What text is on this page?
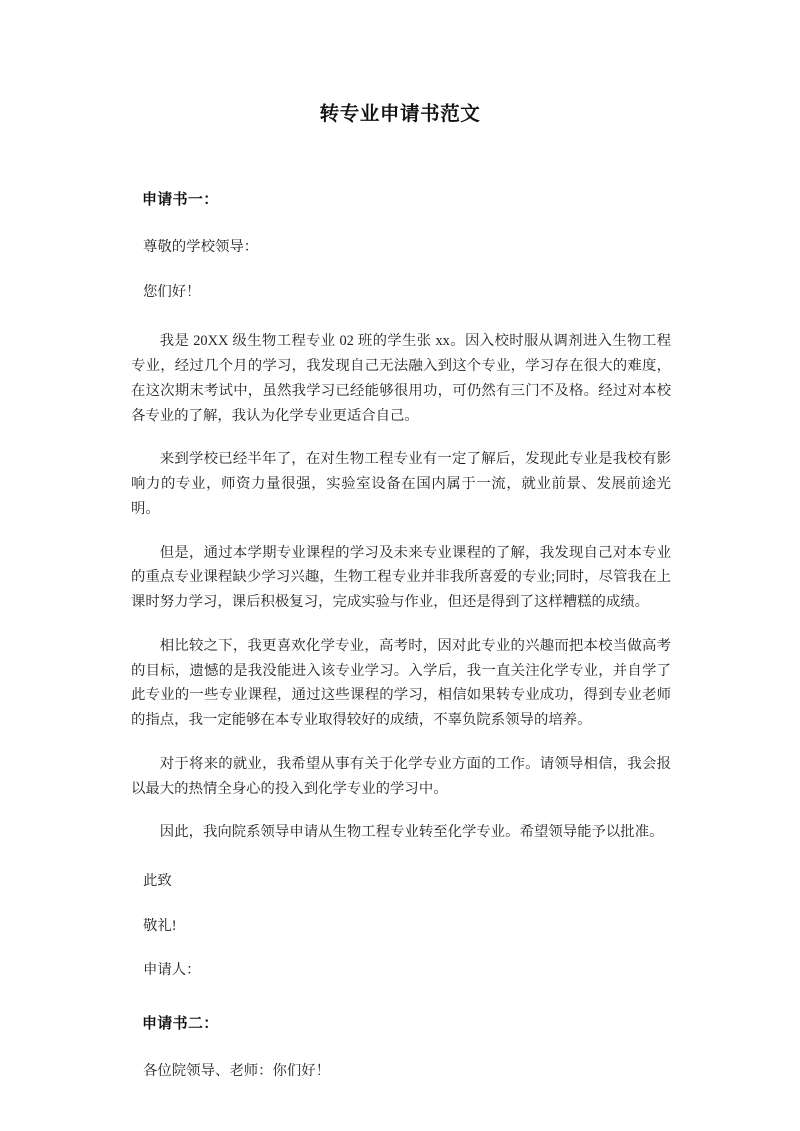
转专业申请书范文
申请书一：
尊敬的学校领导：
您们好！

我是 20XX 级生物工程专业 02 班的学生张 xx。因入校时服从调剂进入生物工程专业，经过几个月的学习，我发现自己无法融入到这个专业，学习存在很大的难度，在这次期末考试中，虽然我学习已经能够很用功，可仍然有三门不及格。经过对本校各专业的了解，我认为化学专业更适合自己。

来到学校已经半年了，在对生物工程专业有一定了解后，发现此专业是我校有影响力的专业，师资力量很强，实验室设备在国内属于一流，就业前景、发展前途光明。

但是，通过本学期专业课程的学习及未来专业课程的了解，我发现自己对本专业的重点专业课程缺少学习兴趣，生物工程专业并非我所喜爱的专业;同时，尽管我在上课时努力学习，课后积极复习，完成实验与作业，但还是得到了这样糟糕的成绩。

相比较之下，我更喜欢化学专业，高考时，因对此专业的兴趣而把本校当做高考的目标，遗憾的是我没能进入该专业学习。入学后，我一直关注化学专业，并自学了此专业的一些专业课程，通过这些课程的学习，相信如果转专业成功，得到专业老师的指点，我一定能够在本专业取得较好的成绩，不辜负院系领导的培养。

对于将来的就业，我希望从事有关于化学专业方面的工作。请领导相信，我会报以最大的热情全身心的投入到化学专业的学习中。

因此，我向院系领导申请从生物工程专业转至化学专业。希望领导能予以批准。

此致
敬礼!
申请人：
申请书二：
各位院领导、老师：你们好！
